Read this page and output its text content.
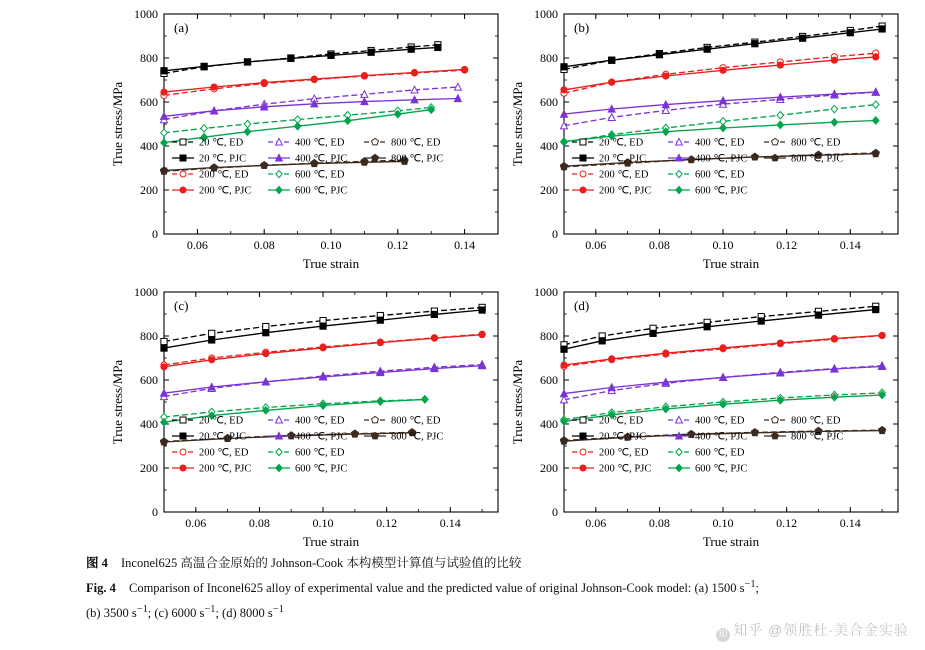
0.06	0.08	0.10	0.12	0.14
0
200
400
600
800
1000
True strain
True stress/MPa
(a)
20 ℃, ED	400 ℃, ED	800 ℃, ED
20 ℃, PJC	400 ℃, PJC	800 ℃, PJC
200 ℃, ED	600 ℃, ED
200 ℃, PJC	600 ℃, PJC
0.06	0.08	0.10	0.12	0.14
0
200
400
600
800
1000
True strain
True stress/MPa
(b)
20 ℃, ED	400 ℃, ED	800 ℃, ED
20 ℃, PJC	400 ℃, PJC	800 ℃, PJC
200 ℃, ED	600 ℃, ED
200 ℃, PJC	600 ℃, PJC
0.06	0.08	0.10	0.12	0.14
0
200
400
600
800
1000
True strain
True stress/MPa
(c)
20 ℃, ED	400 ℃, ED	800 ℃, ED
20 ℃, PJC	400 ℃, PJC	800 ℃, PJC
200 ℃, ED	600 ℃, ED
200 ℃, PJC	600 ℃, PJC
0.06	0.08	0.10	0.12	0.14
0
200
400
600
800
1000
True strain
True stress/MPa
(d)
20 ℃, ED	400 ℃, ED	800 ℃, ED
20 ℃, PJC	400 ℃, PJC	800 ℃, PJC
200 ℃, ED	600 ℃, ED
200 ℃, PJC	600 ℃, PJC
图 4 Inconel625 高温合金原始的 Johnson-Cook 本构模型计算值与试验值的比较
Fig. 4 Comparison of Inconel625 alloy of experimental value and the predicted value of original Johnson-Cook model: (a) 1500 $s^{-1}$;
(b) 3500 $s^{-1}$; (c) 6000 $s^{-1}$; (d) 8000 $s^{-1}$
知 知乎 @领胜杜·美合金实验
